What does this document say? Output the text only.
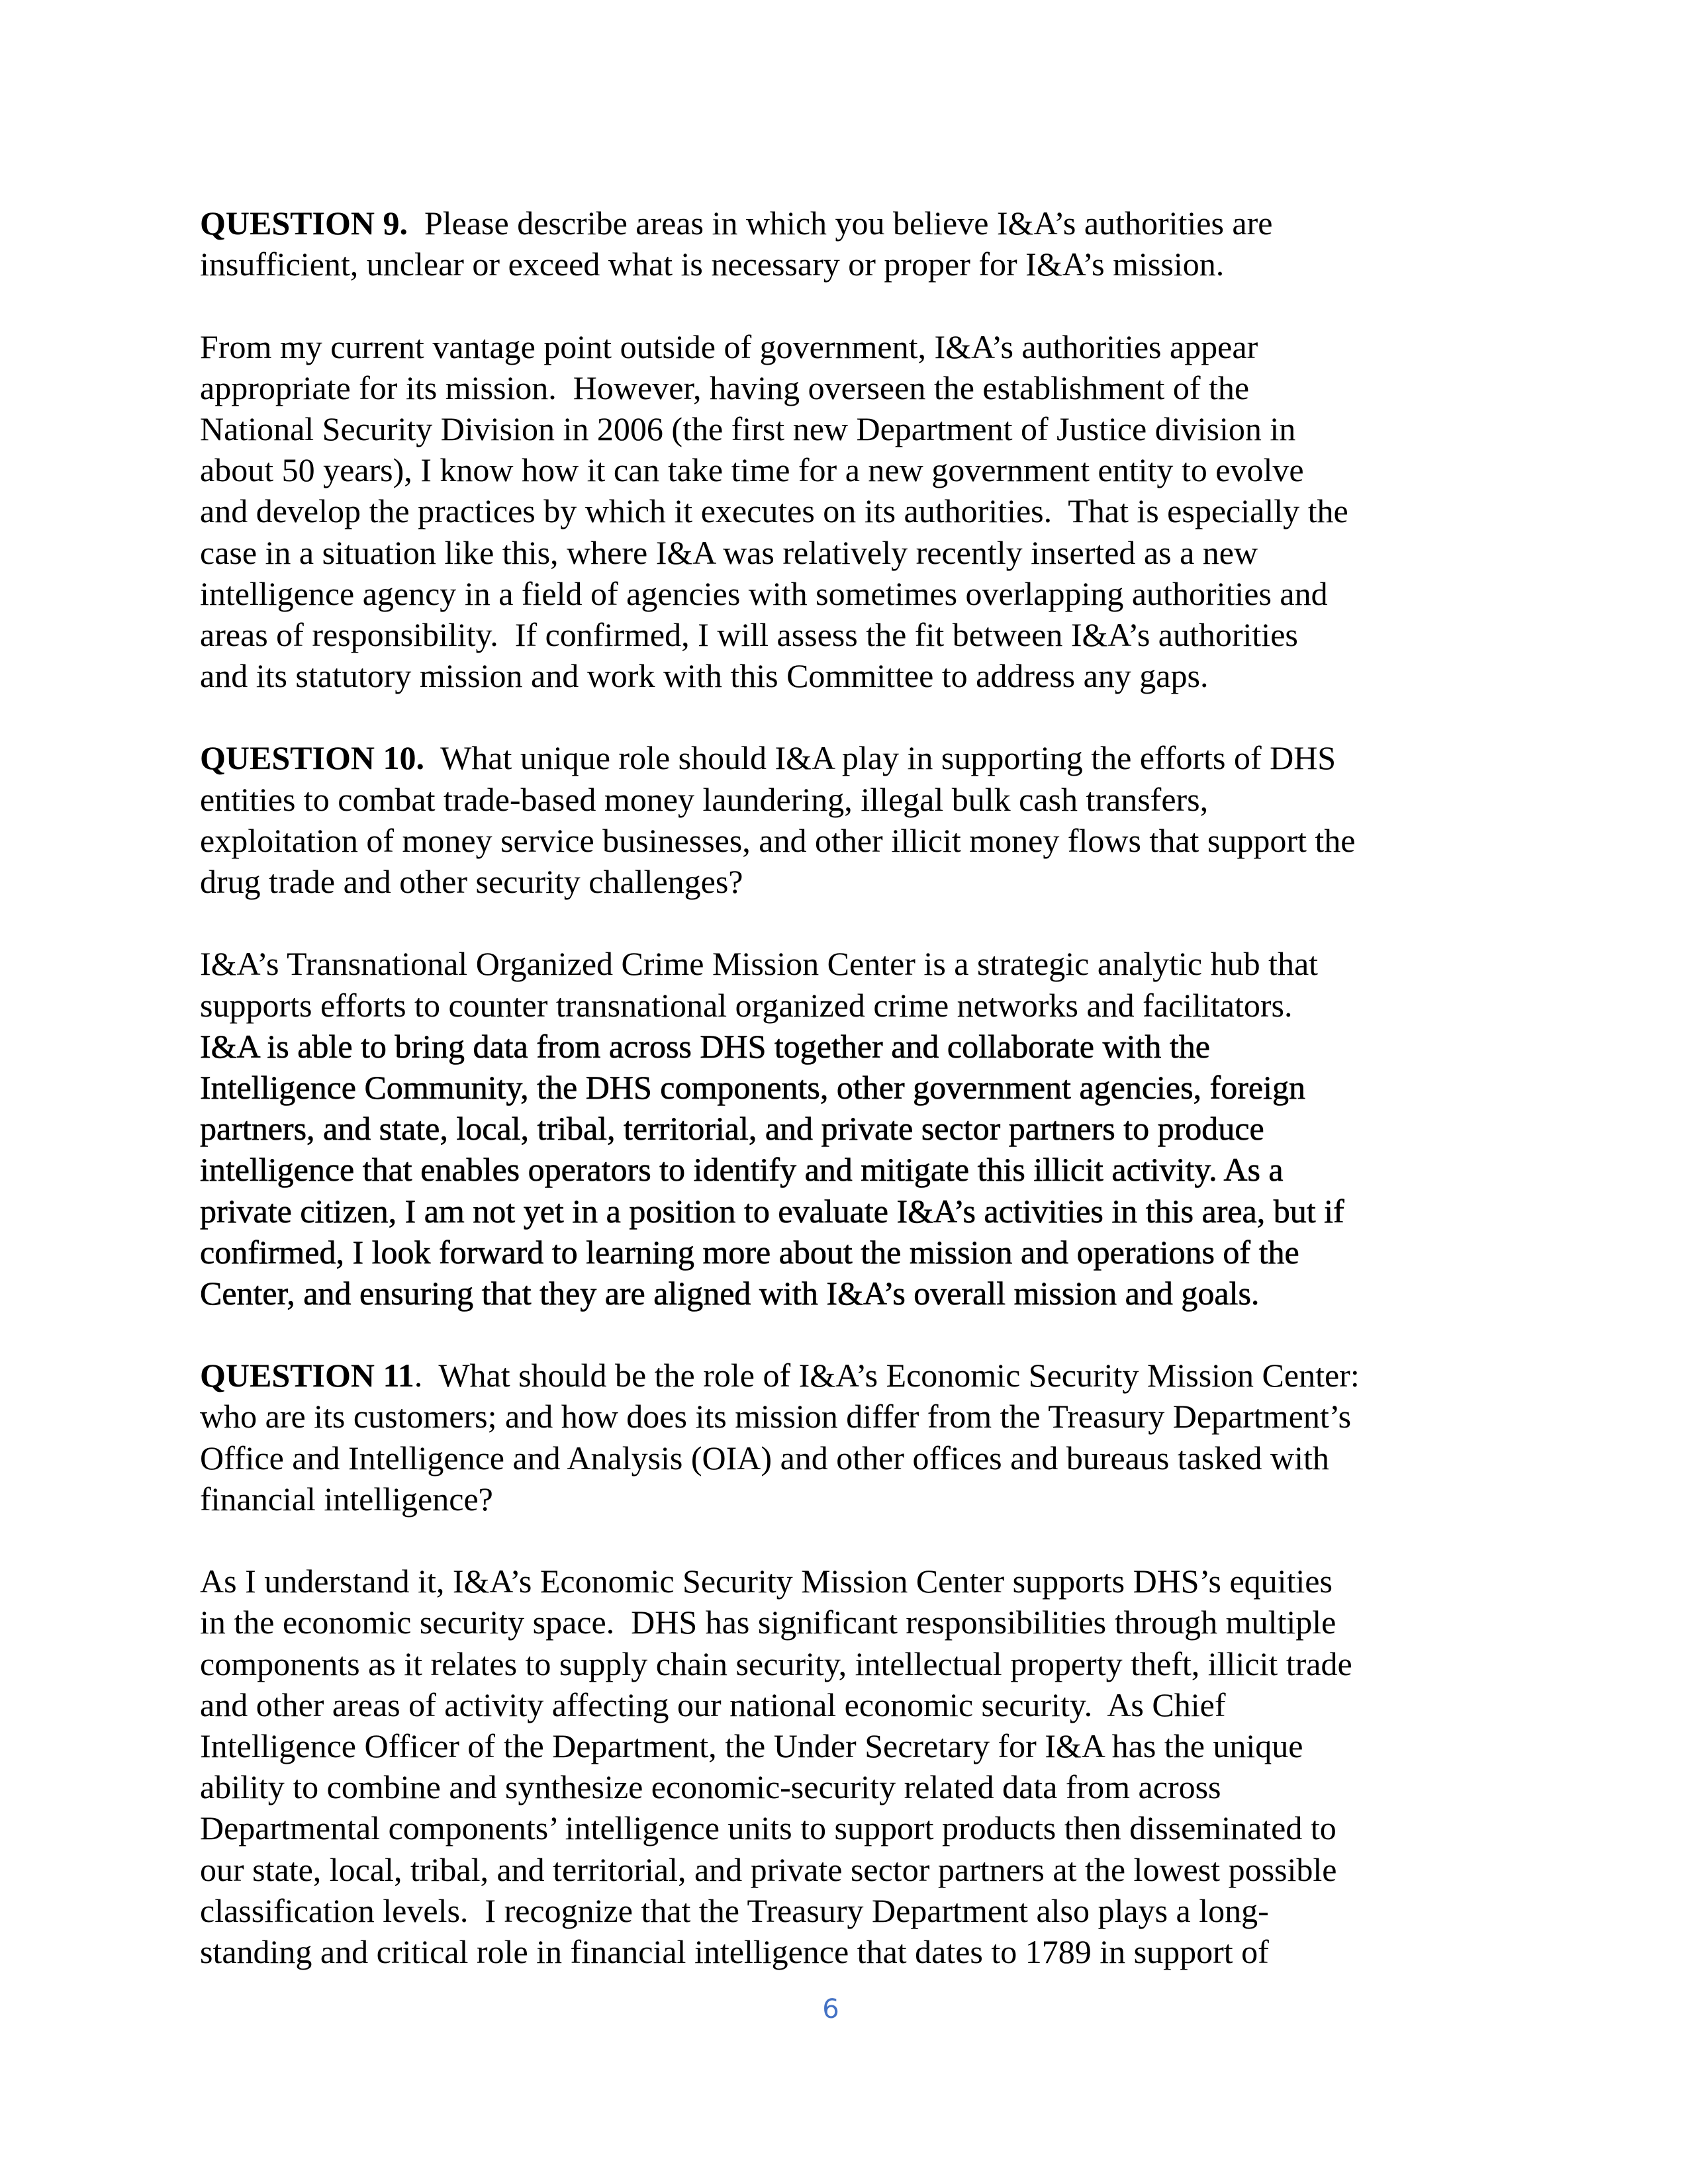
QUESTION 9.  Please describe areas in which you believe I&A’s authorities are
insufficient, unclear or exceed what is necessary or proper for I&A’s mission.
From my current vantage point outside of government, I&A’s authorities appear
appropriate for its mission.  However, having overseen the establishment of the
National Security Division in 2006 (the first new Department of Justice division in
about 50 years), I know how it can take time for a new government entity to evolve
and develop the practices by which it executes on its authorities.  That is especially the
case in a situation like this, where I&A was relatively recently inserted as a new
intelligence agency in a field of agencies with sometimes overlapping authorities and
areas of responsibility.  If confirmed, I will assess the fit between I&A’s authorities
and its statutory mission and work with this Committee to address any gaps.
QUESTION 10.  What unique role should I&A play in supporting the efforts of DHS
entities to combat trade-based money laundering, illegal bulk cash transfers,
exploitation of money service businesses, and other illicit money flows that support the
drug trade and other security challenges?
I&A’s Transnational Organized Crime Mission Center is a strategic analytic hub that
supports efforts to counter transnational organized crime networks and facilitators.
I&A is able to bring data from across DHS together and collaborate with the
Intelligence Community, the DHS components, other government agencies, foreign
partners, and state, local, tribal, territorial, and private sector partners to produce
intelligence that enables operators to identify and mitigate this illicit activity. As a
private citizen, I am not yet in a position to evaluate I&A’s activities in this area, but if
confirmed, I look forward to learning more about the mission and operations of the
Center, and ensuring that they are aligned with I&A’s overall mission and goals.
QUESTION 11.  What should be the role of I&A’s Economic Security Mission Center:
who are its customers; and how does its mission differ from the Treasury Department’s
Office and Intelligence and Analysis (OIA) and other offices and bureaus tasked with
financial intelligence?
As I understand it, I&A’s Economic Security Mission Center supports DHS’s equities
in the economic security space.  DHS has significant responsibilities through multiple
components as it relates to supply chain security, intellectual property theft, illicit trade
and other areas of activity affecting our national economic security.  As Chief
Intelligence Officer of the Department, the Under Secretary for I&A has the unique
ability to combine and synthesize economic-security related data from across
Departmental components’ intelligence units to support products then disseminated to
our state, local, tribal, and territorial, and private sector partners at the lowest possible
classification levels.  I recognize that the Treasury Department also plays a long-
standing and critical role in financial intelligence that dates to 1789 in support of
6
